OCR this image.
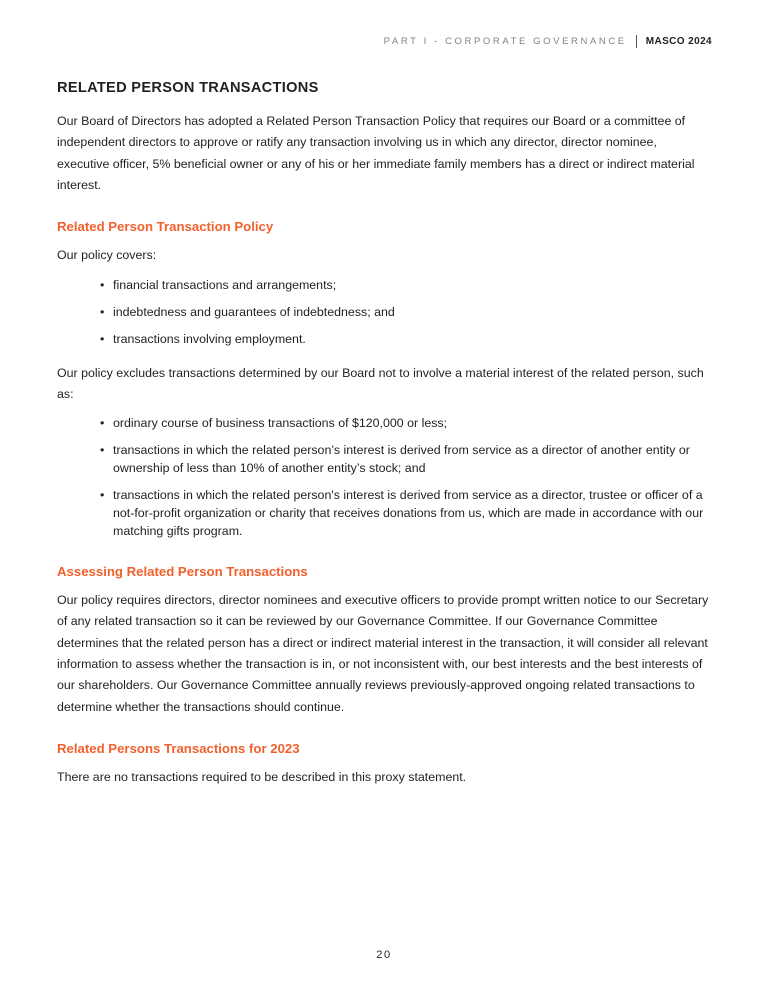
PART I - CORPORATE GOVERNANCE MASCO 2024
RELATED PERSON TRANSACTIONS

Our Board of Directors has adopted a Related Person Transaction Policy that requires our Board or a committee of independent directors to approve or ratify any transaction involving us in which any director, director nominee, executive officer, 5% beneficial owner or any of his or her immediate family members has a direct or indirect material interest.

Related Person Transaction Policy

Our policy covers:

• financial transactions and arrangements;
• indebtedness and guarantees of indebtedness; and
• transactions involving employment.

Our policy excludes transactions determined by our Board not to involve a material interest of the related person, such as:

• ordinary course of business transactions of $120,000 or less;
• transactions in which the related person’s interest is derived from service as a director of another entity or ownership of less than 10% of another entity’s stock; and
• transactions in which the related person's interest is derived from service as a director, trustee or officer of a not-for-profit organization or charity that receives donations from us, which are made in accordance with our matching gifts program.
Assessing Related Person Transactions

Our policy requires directors, director nominees and executive officers to provide prompt written notice to our Secretary of any related transaction so it can be reviewed by our Governance Committee. If our Governance Committee determines that the related person has a direct or indirect material interest in the transaction, it will consider all relevant information to assess whether the transaction is in, or not inconsistent with, our best interests and the best interests of our shareholders. Our Governance Committee annually reviews previously-approved ongoing related transactions to determine whether the transactions should continue.

Related Persons Transactions for 2023

There are no transactions required to be described in this proxy statement.

20
